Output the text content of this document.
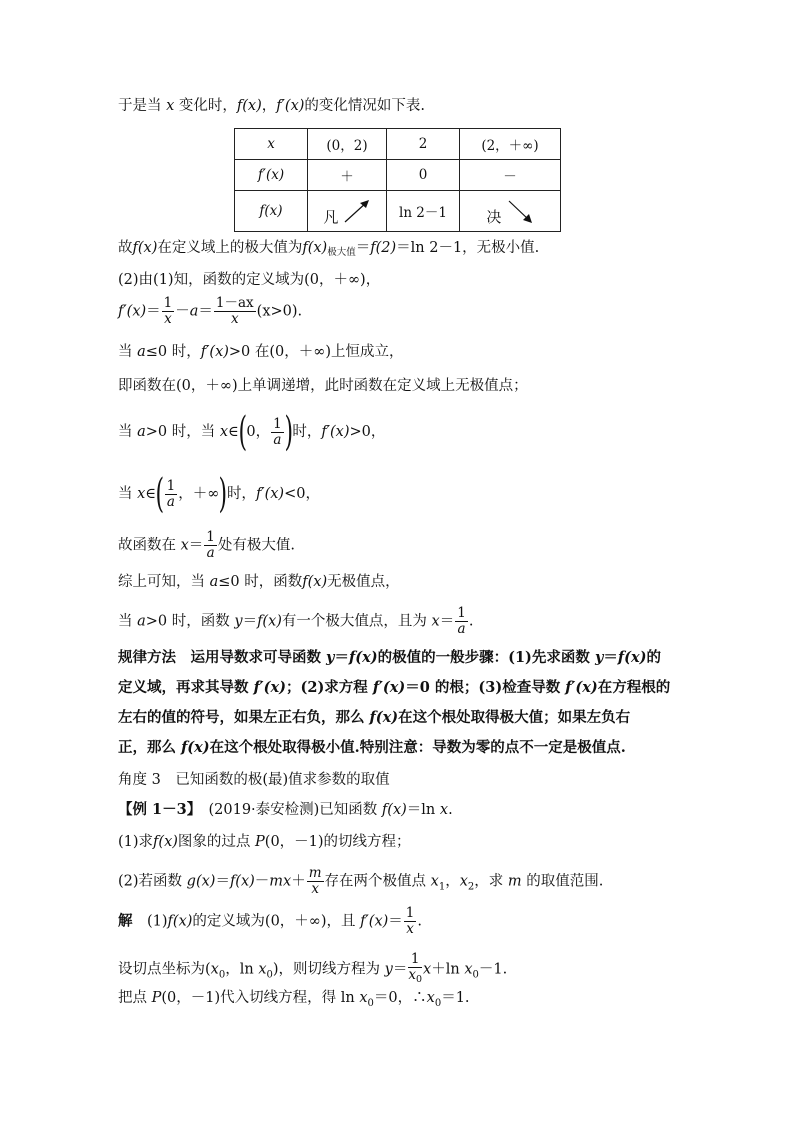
于是当 x 变化时，f(x)，f′(x)的变化情况如下表.
x	(0，2)	2	(2，＋∞)
f′(x)	＋	0	－
f(x)	凡	ln 2－1	决
故f(x)在定义域上的极大值为$f(x)_{极大值}=f(2)=\ln$ 2－1，无极小值.
(2)由(1)知，函数的定义域为(0，＋∞)，
$f'(x)= \frac{1}{x} -a= \frac{1-ax}{x} (x>0)$.
当 a≤0 时，f′(x)>0 在(0，＋∞)上恒成立，
即函数在(0，＋∞)上单调递增，此时函数在定义域上无极值点；
当 a>0 时，当 x∈(0， $\frac{1}{a}$ )时，f′(x)>0，
当 x∈( $\frac{1}{a}$ ，＋∞)时，f′(x)<0，
故函数在 $x= \frac{1}{a}$ 处有极大值.
综上可知，当 a≤0 时，函数f(x)无极值点，
当 a>0 时，函数 y＝f(x)有一个极大值点，且为 $x= \frac{1}{a}$ .
规律方法　运用导数求可导函数 y＝f(x)的极值的一般步骤：(1)先求函数 y＝f(x)的
定义域，再求其导数 f′(x)；(2)求方程 f′(x)＝0 的根；(3)检查导数 f′(x)在方程根的
左右的值的符号，如果左正右负，那么 f(x)在这个根处取得极大值；如果左负右
正，那么 f(x)在这个根处取得极小值.特别注意：导数为零的点不一定是极值点.
角度 3　已知函数的极(最)值求参数的取值
【例 1－3】　(2019·泰安检测)已知函数 f(x)＝ln x.
(1)求f(x)图象的过点 P(0，－1)的切线方程；
(2)若函数 $g(x)=f(x)-mx+ \frac{m}{x}$ 存在两个极值点 $x_1$，$x_2$，求 m 的取值范围.
解　(1)f(x)的定义域为(0，＋∞)，且 $f'(x)= \frac{1}{x}$ .
设切点坐标为($x_0$，$\ln x_0$)，则切线方程为 $y= \frac{1}{x_0} x+\ln$ $x_0-1$.
把点 P(0，－1)代入切线方程，得 $\ln x_0=0$，$\therefore x_0=1$.
